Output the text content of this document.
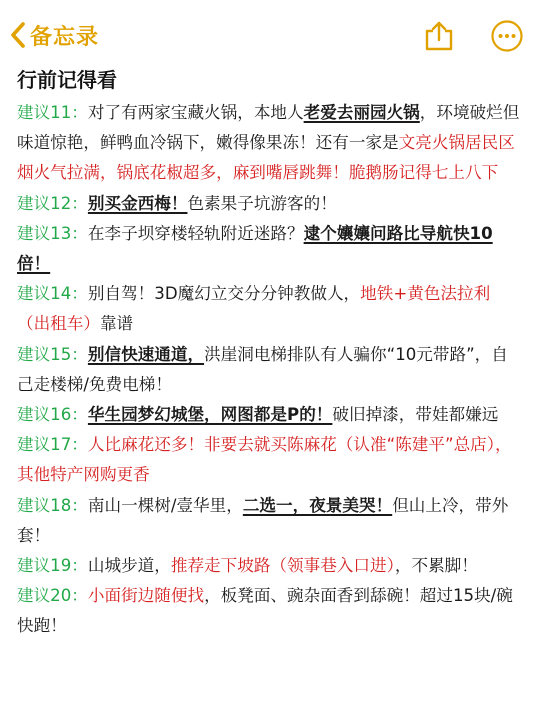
备忘录
行前记得看

建议11：对了有两家宝藏火锅，本地人老爱去丽园火锅，环境破烂但味道惊艳，鲜鸭血冷锅下，嫩得像果冻！还有一家是文亮火锅居民区烟火气拉满，锅底花椒超多，麻到嘴唇跳舞！脆鹅肠记得七上八下

建议12：别买金西梅！色素果子坑游客的！

建议13：在李子坝穿楼轻轨附近迷路？逮个孃孃问路比导航快10倍！

建议14：别自驾！3D魔幻立交分分钟教做人，地铁+黄色法拉利（出租车）靠谱

建议15：别信快速通道，洪崖洞电梯排队有人骗你“10元带路”，自己走楼梯/免费电梯！

建议16：华生园梦幻城堡，网图都是P的！破旧掉漆，带娃都嫌远

建议17：人比麻花还多！非要去就买陈麻花（认准“陈建平”总店），其他特产网购更香

建议18：南山一棵树/壹华里，二选一，夜景美哭！但山上冷，带外套！

建议19：山城步道，推荐走下坡路（领事巷入口进），不累脚！

建议20：小面街边随便找，板凳面、豌杂面香到舔碗！超过15块/碗快跑！
